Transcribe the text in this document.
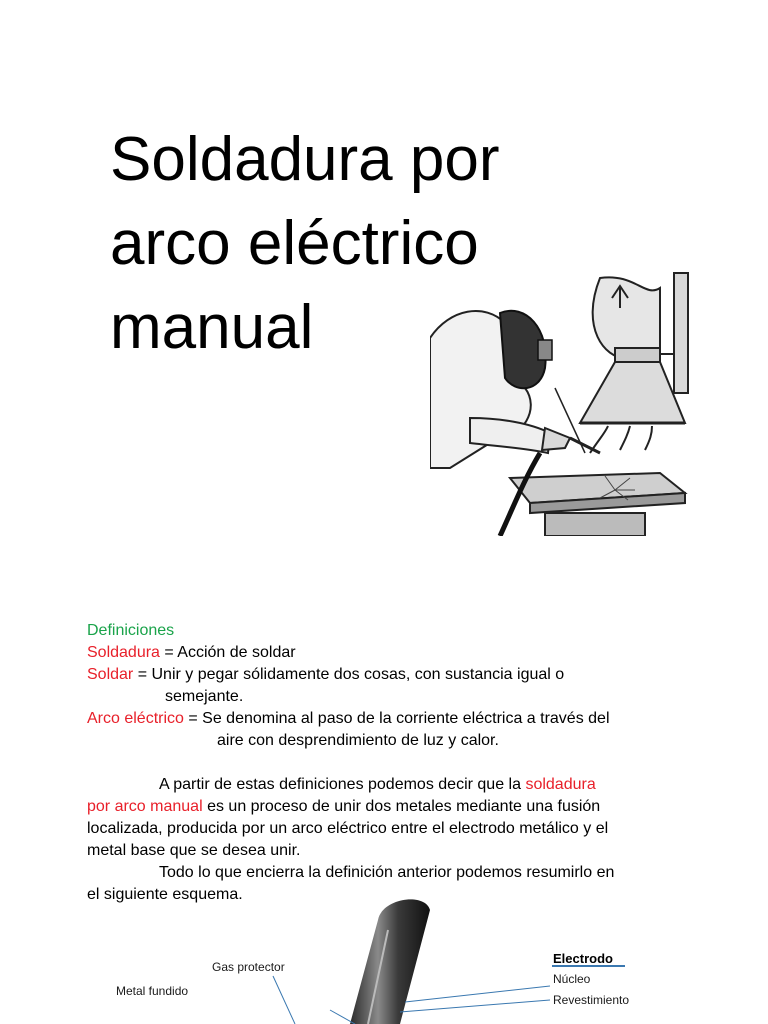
Soldadura por
arco eléctrico
manual
Definiciones
Soldadura = Acción de soldar
Soldar = Unir y pegar sólidamente dos cosas, con sustancia igual o
semejante.
Arco eléctrico = Se denomina al paso de la corriente eléctrica a través del
aire con desprendimiento de luz y calor.
A partir de estas definiciones podemos decir que la soldadura
por arco manual es un proceso de unir dos metales mediante una fusión
localizada, producida por un arco eléctrico entre el electrodo metálico y el
metal base que se desea unir.
Todo lo que encierra la definición anterior podemos resumirlo en
el siguiente esquema.
Gas protector
Metal fundido
Electrodo
Núcleo
Revestimiento
